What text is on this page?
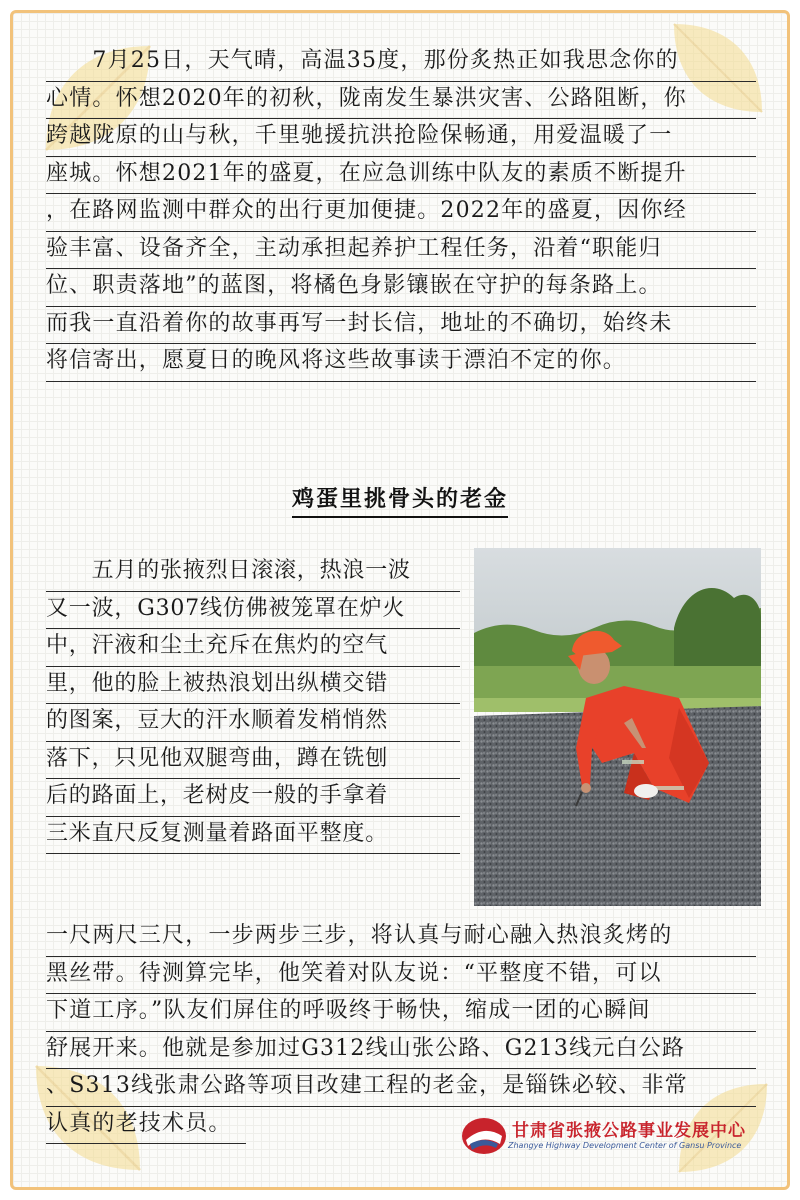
　　7月25日，天气晴，高温35度，那份炙热正如我思念你的
心情。怀想2020年的初秋，陇南发生暴洪灾害、公路阻断，你
跨越陇原的山与秋，千里驰援抗洪抢险保畅通，用爱温暖了一
座城。怀想2021年的盛夏，在应急训练中队友的素质不断提升
，在路网监测中群众的出行更加便捷。2022年的盛夏，因你经
验丰富、设备齐全，主动承担起养护工程任务，沿着“职能归
位、职责落地”的蓝图，将橘色身影镶嵌在守护的每条路上。
而我一直沿着你的故事再写一封长信，地址的不确切，始终未
将信寄出，愿夏日的晚风将这些故事读于漂泊不定的你。
鸡蛋里挑骨头的老金
　　五月的张掖烈日滚滚，热浪一波
又一波，G307线仿佛被笼罩在炉火
中，汗液和尘土充斥在焦灼的空气
里，他的脸上被热浪划出纵横交错
的图案，豆大的汗水顺着发梢悄然
落下，只见他双腿弯曲，蹲在铣刨
后的路面上，老树皮一般的手拿着
三米直尺反复测量着路面平整度。
一尺两尺三尺，一步两步三步，将认真与耐心融入热浪炙烤的
黑丝带。待测算完毕，他笑着对队友说：“平整度不错，可以
下道工序。”队友们屏住的呼吸终于畅快，缩成一团的心瞬间
舒展开来。他就是参加过G312线山张公路、G213线元白公路
、S313线张肃公路等项目改建工程的老金，是锱铢必较、非常
认真的老技术员。	甘肃省张掖公路事业发展中心
Zhangye Highway Development Center of Gansu Province
